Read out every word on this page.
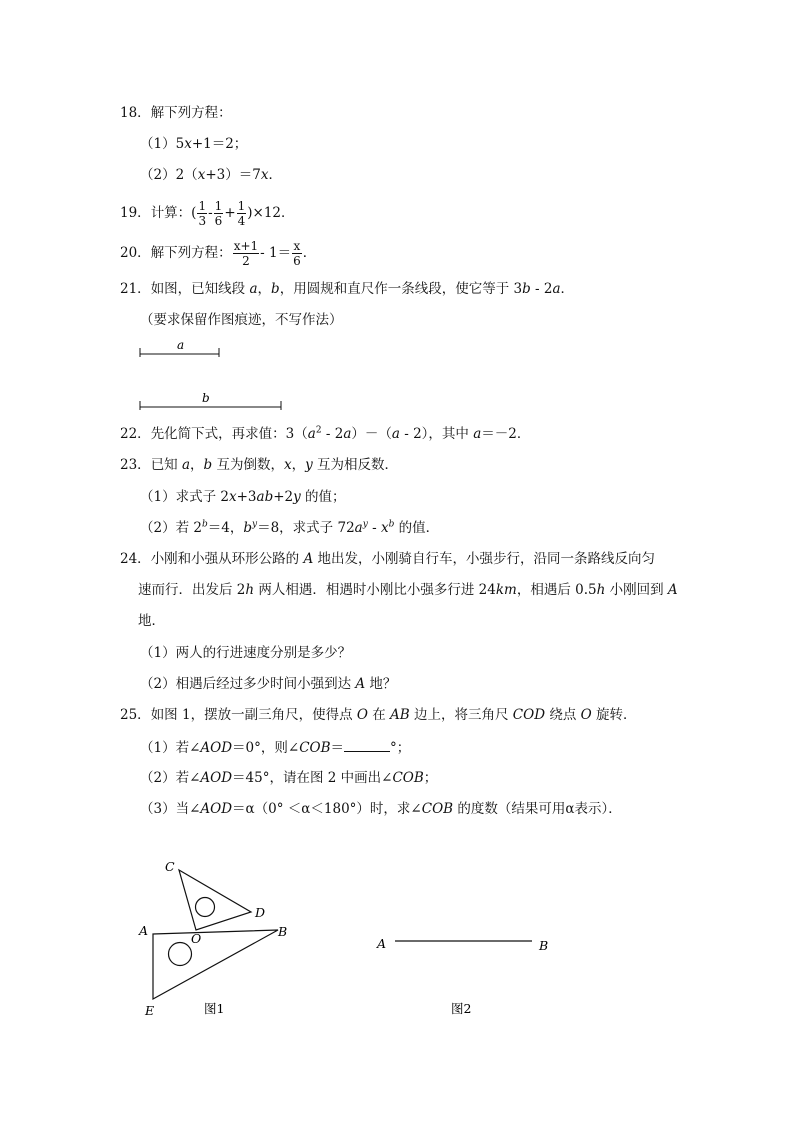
18．解下列方程：
（1）5x+1＝2；
（2）2（x+3）＝7x．
19．计算：( $\frac{1}{3} - \frac{1}{6} + \frac{1}{4} )\times 12$．
20．解下列方程： $\frac{x+1}{2} - 1= \frac{x}{6}$ ．
21．如图，已知线段 a，b，用圆规和直尺作一条线段，使它等于 3b - 2a．
（要求保留作图痕迹，不写作法）
a
b
22．先化简下式，再求值：$3(a^2 - 2a)-(a - 2)$，其中 a＝－2．
23．已知 a，b 互为倒数，x，y 互为相反数．
（1）求式子 2x+3ab+2y 的值；
（2）若 $2^b=4$，$b^y=8$，求式子 $72a^y - x^b$ 的值．
24．小刚和小强从环形公路的 A 地出发，小刚骑自行车，小强步行，沿同一条路线反向匀
速而行．出发后 2h 两人相遇．相遇时小刚比小强多行进 24km，相遇后 0.5h 小刚回到 A
地．
（1）两人的行进速度分别是多少？
（2）相遇后经过多少时间小强到达 A 地？
25．如图 1，摆放一副三角尺，使得点 O 在 AB 边上，将三角尺 COD 绕点 O 旋转．
（1）若∠AOD＝0°，则∠COB＝	°；
（2）若∠AOD＝45°，请在图 2 中画出∠COB；
（3）当∠AOD＝α（0° ＜α＜180°）时，求∠COB 的度数（结果可用α表示）．
C
D
A
O	B
E	图1
A	B
图2
